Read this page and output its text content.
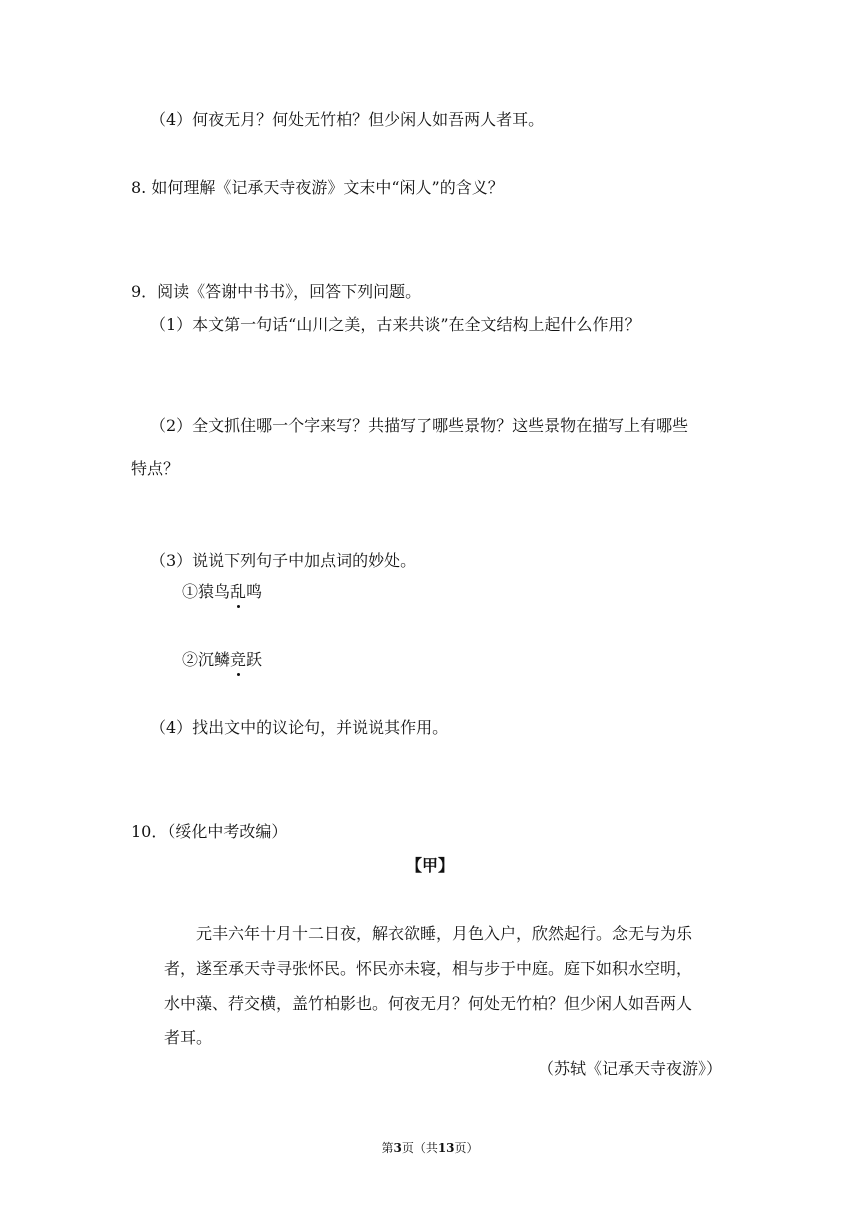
（4）何夜无月？何处无竹柏？但少闲人如吾两人者耳。
8. 如何理解《记承天寺夜游》文末中“闲人”的含义？
9．阅读《答谢中书书》，回答下列问题。
（1）本文第一句话“山川之美，古来共谈”在全文结构上起什么作用？
（2）全文抓住哪一个字来写？共描写了哪些景物？这些景物在描写上有哪些
特点？
（3）说说下列句子中加点词的妙处。
①猿鸟乱鸣
②沉鳞竞跃
（4）找出文中的议论句，并说说其作用。
10．（绥化中考改编）
【甲】
元丰六年十月十二日夜，解衣欲睡，月色入户，欣然起行。念无与为乐
者，遂至承天寺寻张怀民。怀民亦未寝，相与步于中庭。庭下如积水空明，
水中藻、荇交横，盖竹柏影也。何夜无月？何处无竹柏？但少闲人如吾两人
者耳。
（苏轼《记承天寺夜游》）
第3页（共13页）
